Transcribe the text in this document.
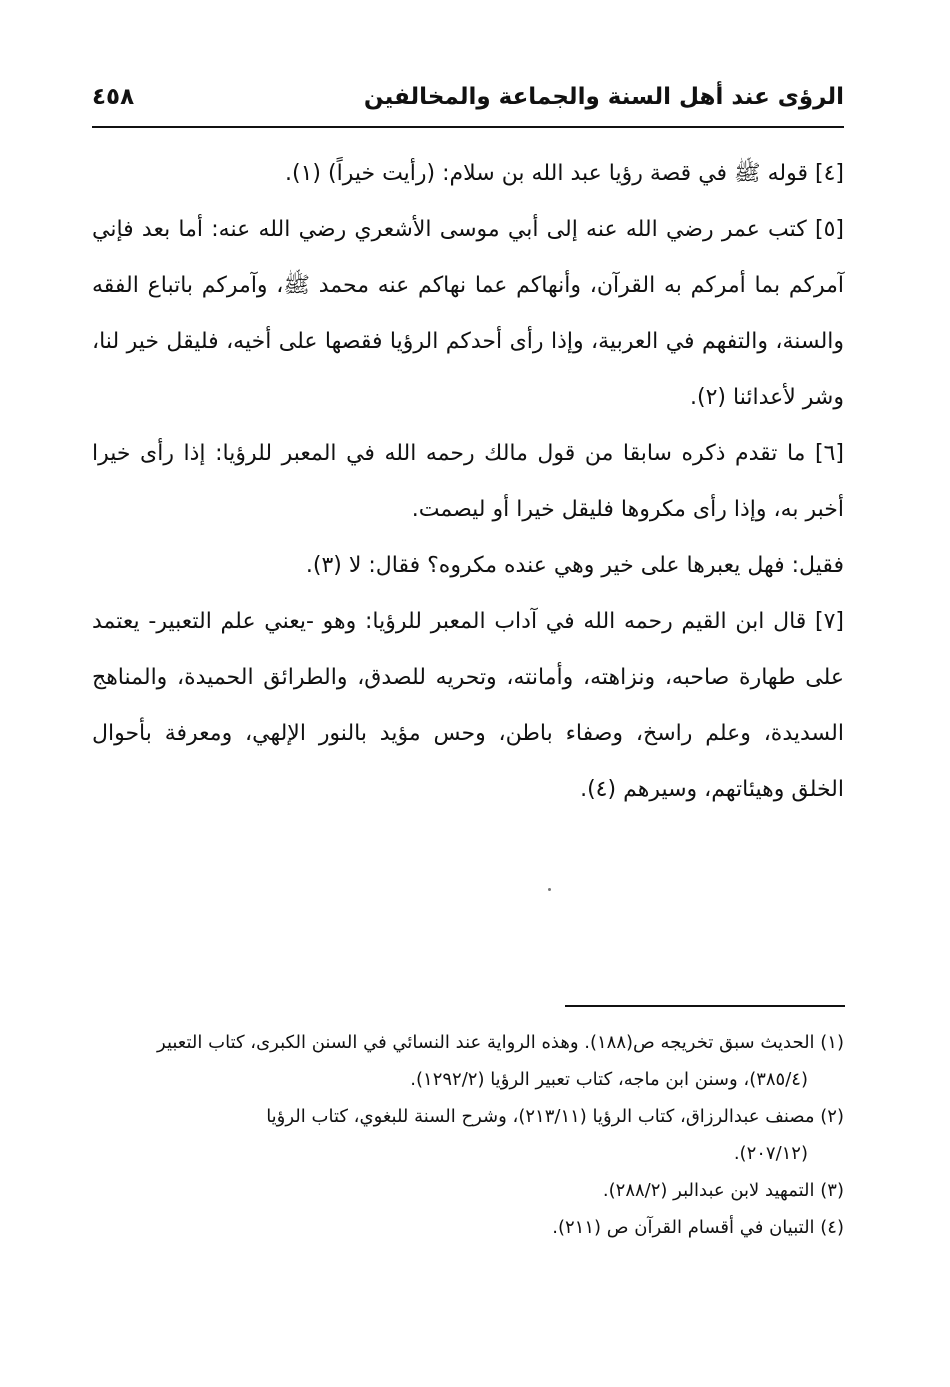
الرؤى عند أهل السنة والجماعة والمخالفين
٤٥٨

[٤] قوله ﷺ في قصة رؤيا عبد الله بن سلام: (رأيت خيراً) (١).

[٥] كتب عمر رضي الله عنه إلى أبي موسى الأشعري رضي الله عنه: أما بعد فإني آمركم بما أمركم به القرآن، وأنهاكم عما نهاكم عنه محمد ﷺ، وآمركم باتباع الفقه والسنة، والتفهم في العربية، وإذا رأى أحدكم الرؤيا فقصها على أخيه، فليقل خير لنا، وشر لأعدائنا (٢).

[٦] ما تقدم ذكره سابقا من قول مالك رحمه الله في المعبر للرؤيا: إذا رأى خيرا أخبر به، وإذا رأى مكروها فليقل خيرا أو ليصمت.

فقيل: فهل يعبرها على خير وهي عنده مكروه؟ فقال: لا (٣).

[٧] قال ابن القيم رحمه الله في آداب المعبر للرؤيا: وهو -يعني علم التعبير- يعتمد على طهارة صاحبه، ونزاهته، وأمانته، وتحريه للصدق، والطرائق الحميدة، والمناهج السديدة، وعلم راسخ، وصفاء باطن، وحس مؤيد بالنور الإلهي، ومعرفة بأحوال الخلق وهيئاتهم، وسيرهم (٤).

(١) الحديث سبق تخريجه ص(١٨٨). وهذه الرواية عند النسائي في السنن الكبرى، كتاب التعبير
(٣٨٥/٤)، وسنن ابن ماجه، كتاب تعبير الرؤيا (١٢٩٢/٢).

(٢) مصنف عبدالرزاق، كتاب الرؤيا (٢١٣/١١)، وشرح السنة للبغوي، كتاب الرؤيا
(٢٠٧/١٢).

(٣) التمهيد لابن عبدالبر (٢٨٨/٢).

(٤) التبيان في أقسام القرآن ص (٢١١).
